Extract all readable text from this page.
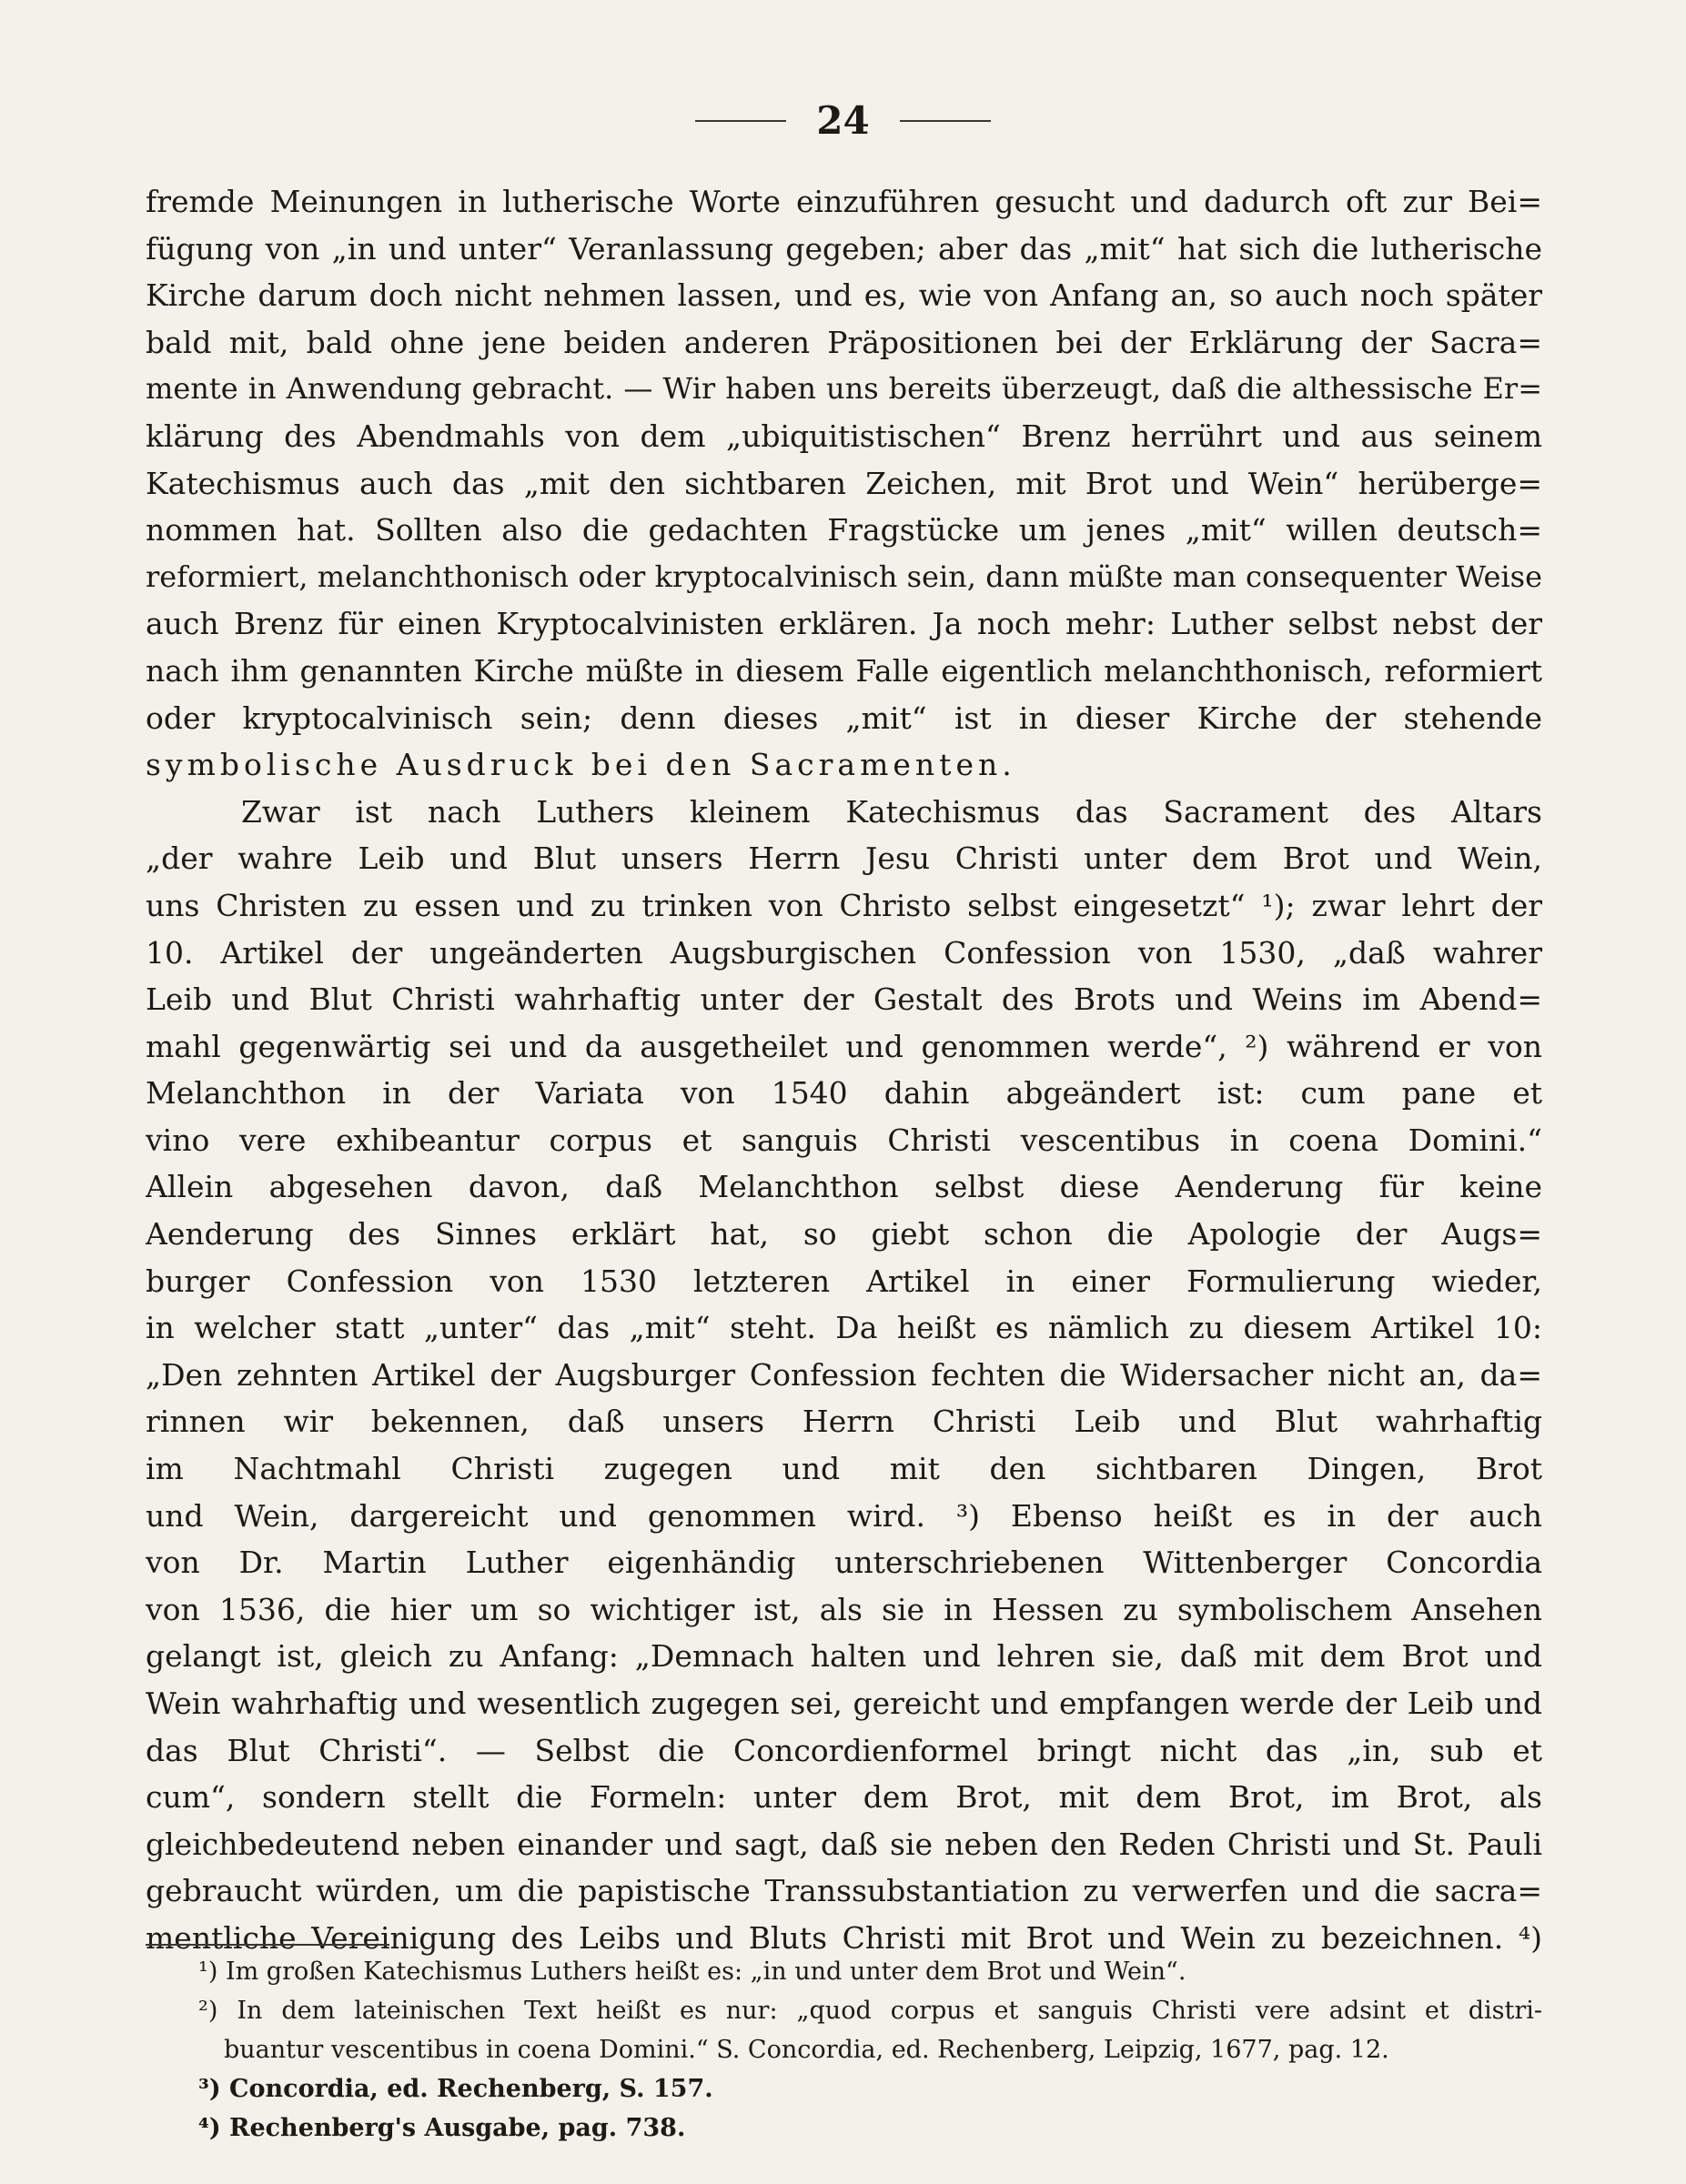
24
fremde Meinungen in lutherische Worte einzuführen gesucht und dadurch oft zur Bei=
fügung von „in und unter“ Veranlassung gegeben; aber das „mit“ hat sich die lutherische
Kirche darum doch nicht nehmen lassen, und es, wie von Anfang an, so auch noch später
bald mit, bald ohne jene beiden anderen Präpositionen bei der Erklärung der Sacra=
mente in Anwendung gebracht. — Wir haben uns bereits überzeugt, daß die althessische Er=
klärung des Abendmahls von dem „ubiquitistischen“ Brenz herrührt und aus seinem
Katechismus auch das „mit den sichtbaren Zeichen, mit Brot und Wein“ herüberge=
nommen hat. Sollten also die gedachten Fragstücke um jenes „mit“ willen deutsch=
reformiert, melanchthonisch oder kryptocalvinisch sein, dann müßte man consequenter Weise
auch Brenz für einen Kryptocalvinisten erklären. Ja noch mehr: Luther selbst nebst der
nach ihm genannten Kirche müßte in diesem Falle eigentlich melanchthonisch, reformiert
oder kryptocalvinisch sein; denn dieses „mit“ ist in dieser Kirche der stehende
symbolische Ausdruck bei den Sacramenten.
Zwar ist nach Luthers kleinem Katechismus das Sacrament des Altars
„der wahre Leib und Blut unsers Herrn Jesu Christi unter dem Brot und Wein,
uns Christen zu essen und zu trinken von Christo selbst eingesetzt“ ¹); zwar lehrt der
10. Artikel der ungeänderten Augsburgischen Confession von 1530, „daß wahrer
Leib und Blut Christi wahrhaftig unter der Gestalt des Brots und Weins im Abend=
mahl gegenwärtig sei und da ausgetheilet und genommen werde“, ²) während er von
Melanchthon in der Variata von 1540 dahin abgeändert ist: cum pane et
vino vere exhibeantur corpus et sanguis Christi vescentibus in coena Domini.“
Allein abgesehen davon, daß Melanchthon selbst diese Aenderung für keine
Aenderung des Sinnes erklärt hat, so giebt schon die Apologie der Augs=
burger Confession von 1530 letzteren Artikel in einer Formulierung wieder,
in welcher statt „unter“ das „mit“ steht. Da heißt es nämlich zu diesem Artikel 10:
„Den zehnten Artikel der Augsburger Confession fechten die Widersacher nicht an, da=
rinnen wir bekennen, daß unsers Herrn Christi Leib und Blut wahrhaftig
im Nachtmahl Christi zugegen und mit den sichtbaren Dingen, Brot
und Wein, dargereicht und genommen wird. ³) Ebenso heißt es in der auch
von Dr. Martin Luther eigenhändig unterschriebenen Wittenberger Concordia
von 1536, die hier um so wichtiger ist, als sie in Hessen zu symbolischem Ansehen
gelangt ist, gleich zu Anfang: „Demnach halten und lehren sie, daß mit dem Brot und
Wein wahrhaftig und wesentlich zugegen sei, gereicht und empfangen werde der Leib und
das Blut Christi“. — Selbst die Concordienformel bringt nicht das „in, sub et
cum“, sondern stellt die Formeln: unter dem Brot, mit dem Brot, im Brot, als
gleichbedeutend neben einander und sagt, daß sie neben den Reden Christi und St. Pauli
gebraucht würden, um die papistische Transsubstantiation zu verwerfen und die sacra=
mentliche Vereinigung des Leibs und Bluts Christi mit Brot und Wein zu bezeichnen. ⁴)
¹) Im großen Katechismus Luthers heißt es: „in und unter dem Brot und Wein“.
²) In dem lateinischen Text heißt es nur: „quod corpus et sanguis Christi vere adsint et distri-
buantur vescentibus in coena Domini.“ S. Concordia, ed. Rechenberg, Leipzig, 1677, pag. 12.
³) Concordia, ed. Rechenberg, S. 157.
⁴) Rechenberg's Ausgabe, pag. 738.
